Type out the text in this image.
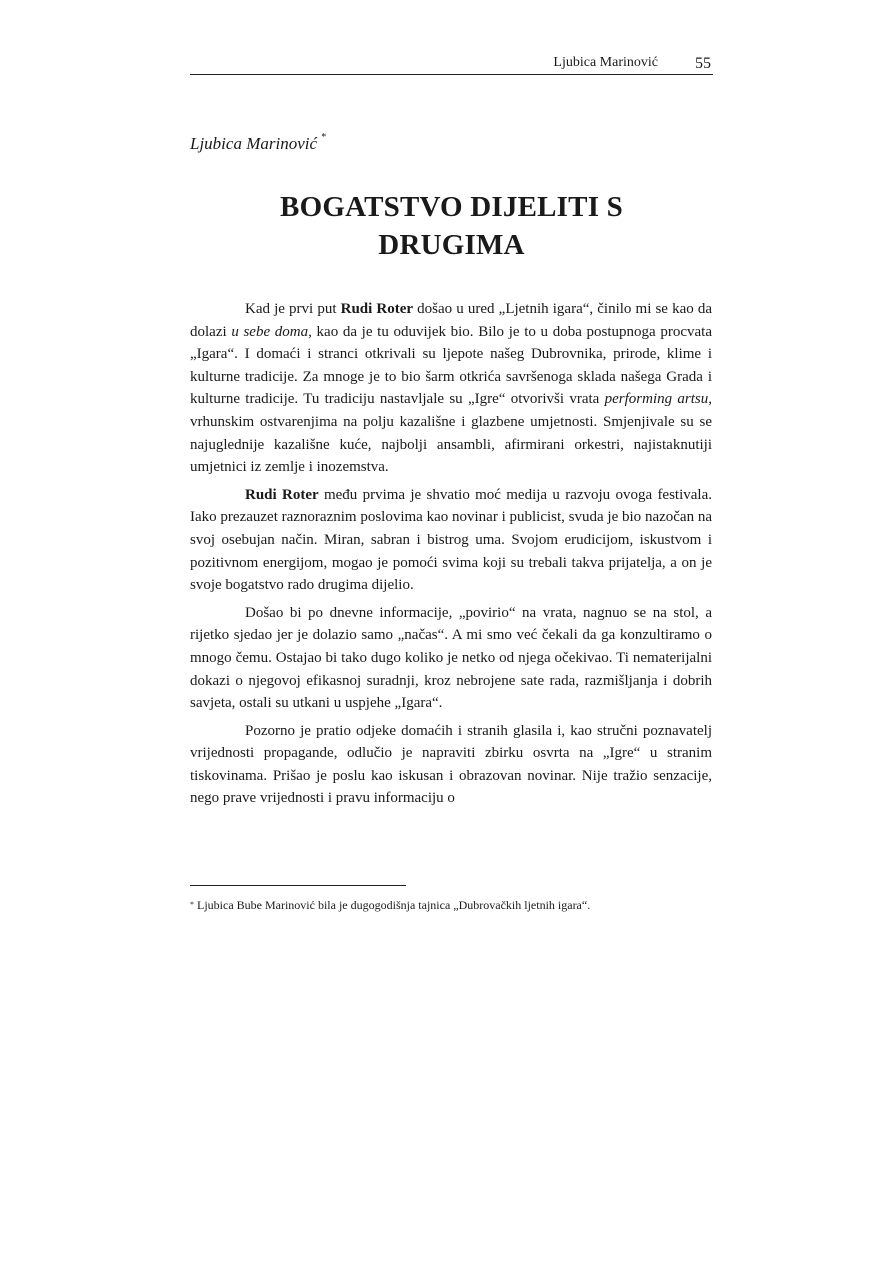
Ljubica Marinović 55
Ljubica Marinović *
BOGATSTVO DIJELITI S
DRUGIMA

Kad je prvi put Rudi Roter došao u ured „Ljetnih igara“, činilo mi se kao da dolazi u sebe doma, kao da je tu oduvijek bio. Bilo je to u doba postupnoga procvata „Igara“. I domaći i stranci otkrivali su ljepote našeg Dubrovnika, prirode, klime i kulturne tradicije. Za mnoge je to bio šarm otkrića savršenoga sklada našega Grada i kulturne tradicije. Tu tradiciju nastavljale su „Igre“ otvorivši vrata performing artsu, vrhunskim ostvarenjima na polju kazališne i glazbene umjetnosti. Smjenjivale su se najuglednije kazališne kuće, najbolji ansambli, afirmirani orkestri, najistaknutiji umjetnici iz zemlje i inozemstva.

Rudi Roter među prvima je shvatio moć medija u razvoju ovoga festivala. Iako prezauzet raznoraznim poslovima kao novinar i publicist, svuda je bio nazočan na svoj osebujan način. Miran, sabran i bistrog uma. Svojom erudicijom, iskustvom i pozitivnom energijom, mogao je pomoći svima koji su trebali takva prijatelja, a on je svoje bogatstvo rado drugima dijelio.

Došao bi po dnevne informacije, „povirio“ na vrata, nagnuo se na stol, a rijetko sjedao jer je dolazio samo „načas“. A mi smo već čekali da ga konzultiramo o mnogo čemu. Ostajao bi tako dugo koliko je netko od njega očekivao. Ti nematerijalni dokazi o njegovoj efikasnoj suradnji, kroz nebrojene sate rada, razmišljanja i dobrih savjeta, ostali su utkani u uspjehe „Igara“.

Pozorno je pratio odjeke domaćih i stranih glasila i, kao stručni poznavatelj vrijednosti propagande, odlučio je napraviti zbirku osvrta na „Igre“ u stranim tiskovinama. Prišao je poslu kao iskusan i obrazovan novinar. Nije tražio senzacije, nego prave vrijednosti i pravu informaciju o

* Ljubica Bube Marinović bila je dugogodišnja tajnica „Dubrovačkih ljetnih igara“.
